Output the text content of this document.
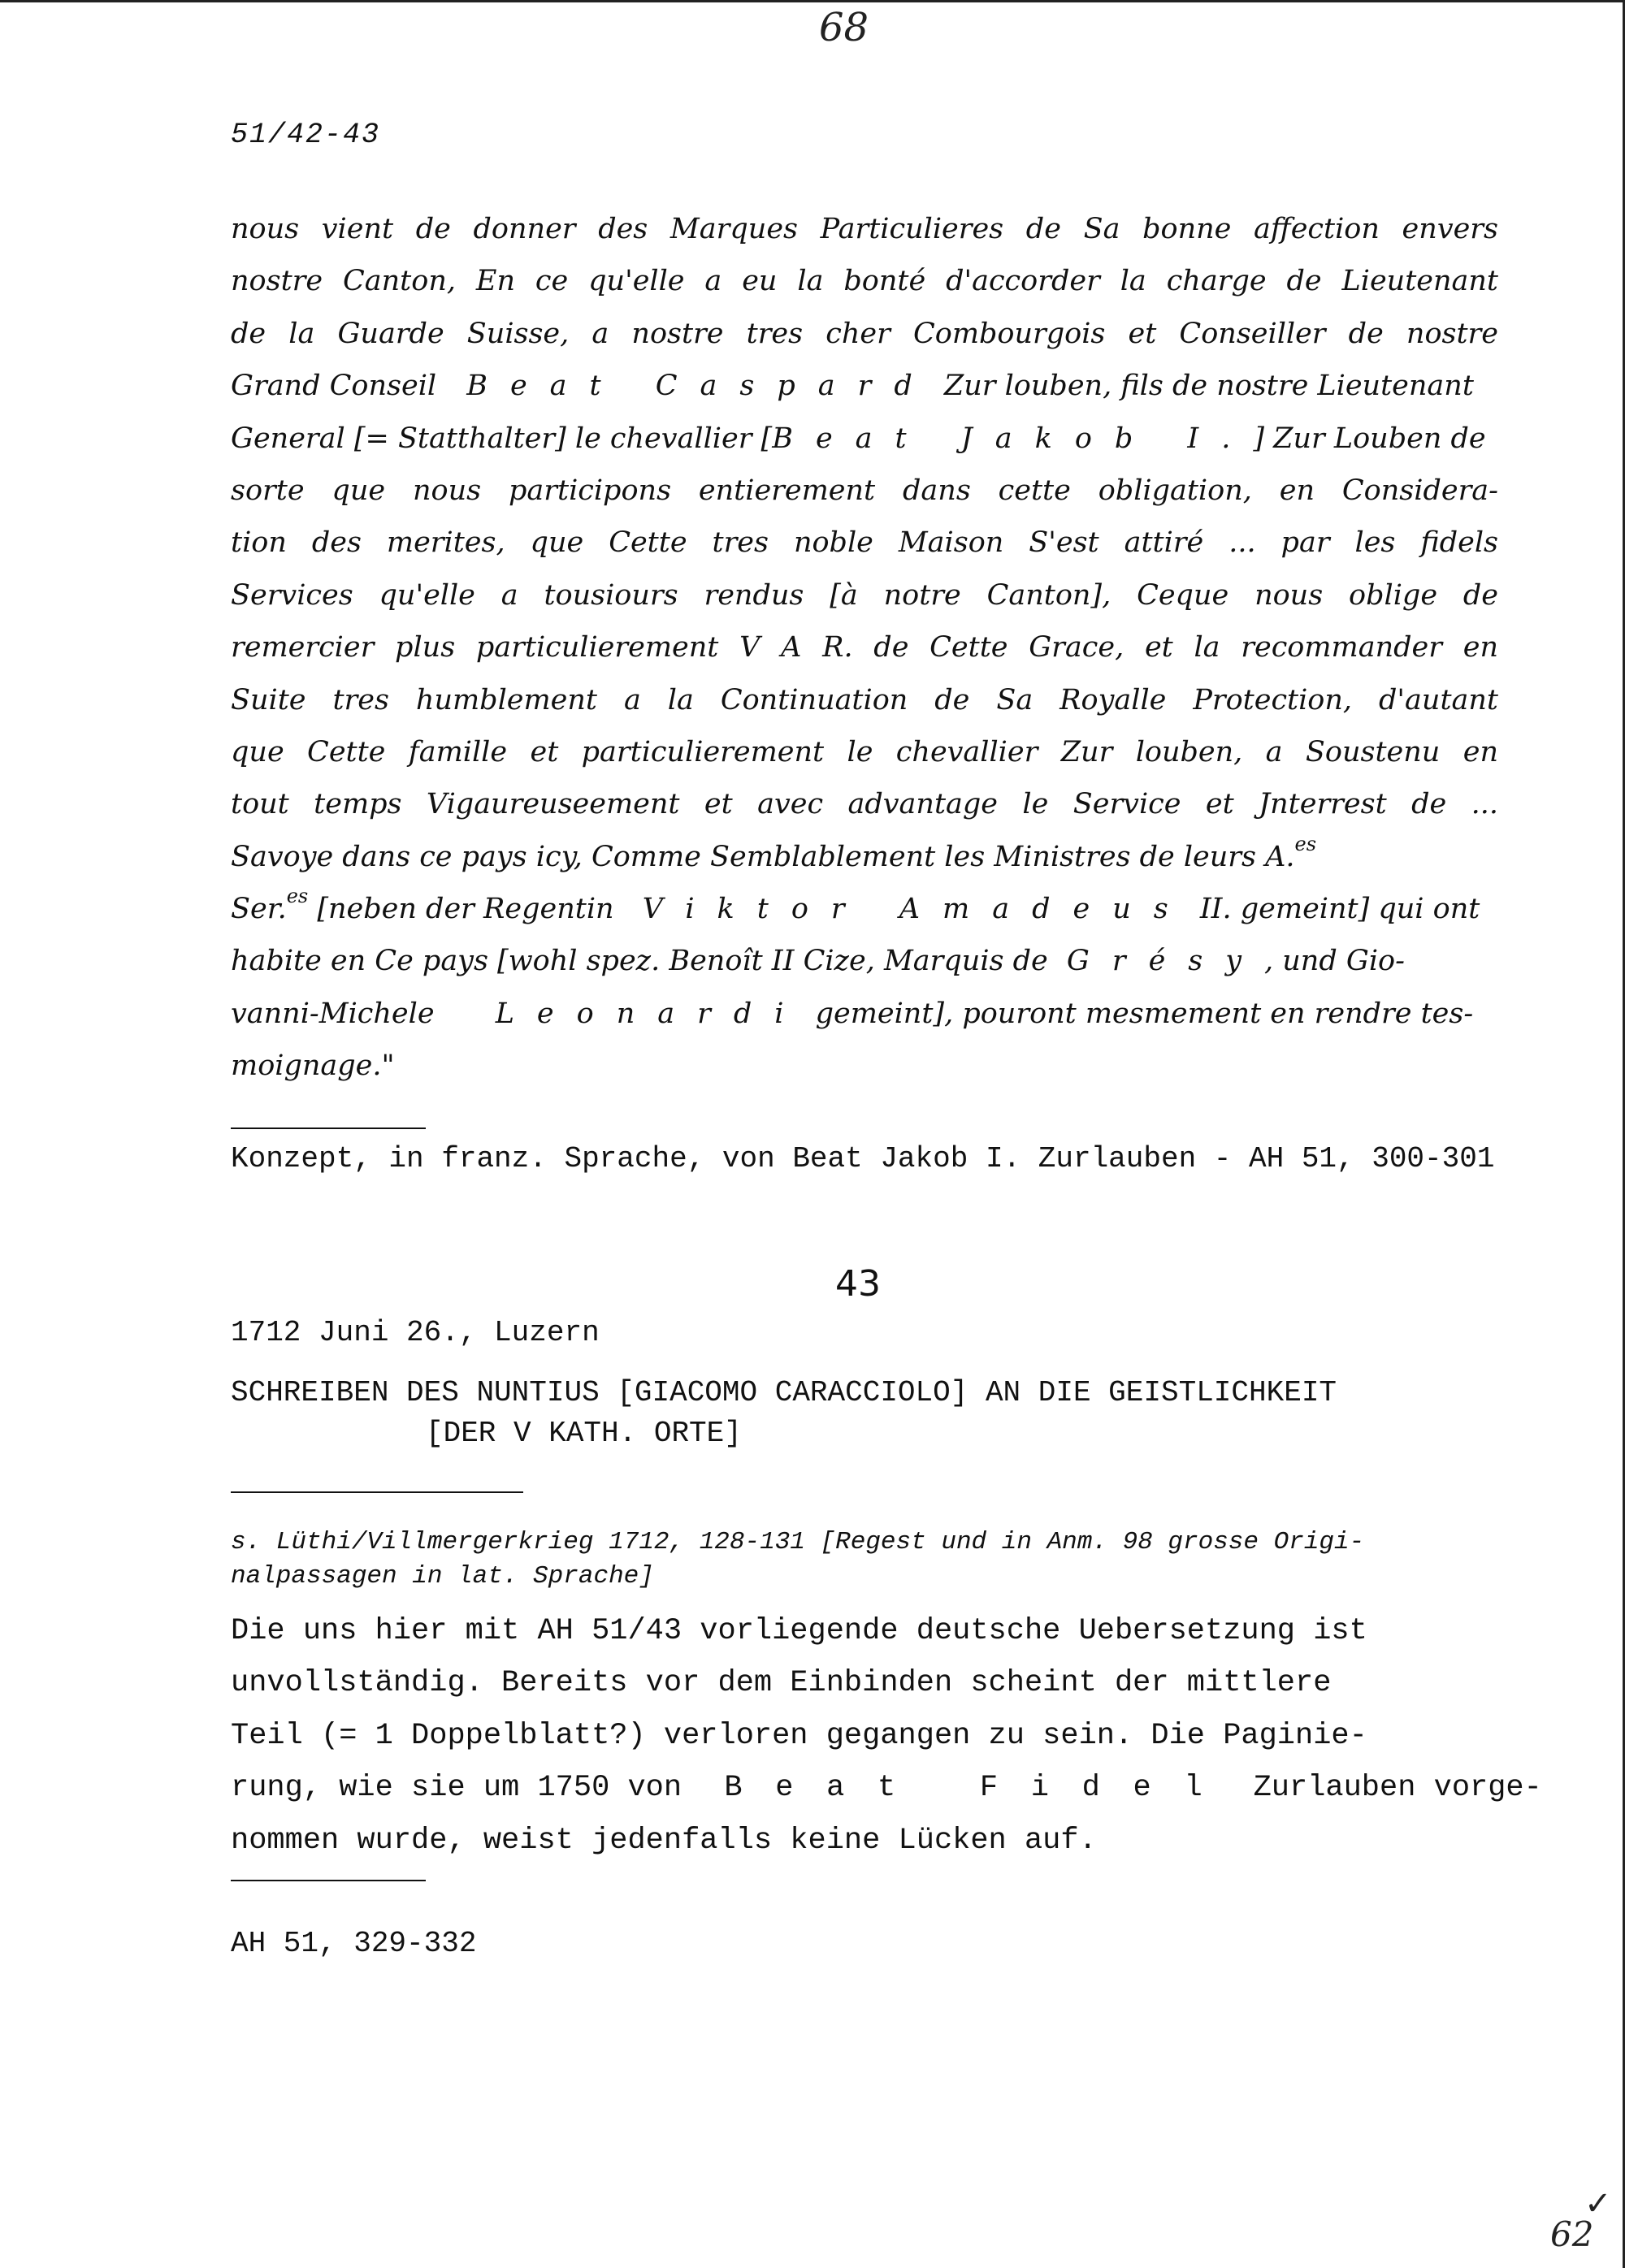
68
51/42-43
nous vient de donner des Marques Particulieres de Sa bonne affection envers
nostre Canton, En ce qu'elle a eu la bonté d'accorder la charge de Lieutenant
de la Guarde Suisse, a nostre tres cher Combourgois et Conseiller de nostre
Grand Conseil Beat Caspard Zur louben, fils de nostre Lieutenant
General [= Statthalter] le chevallier [Beat Jakob I.] Zur Louben de
sorte que nous participons entierement dans cette obligation, en Considera-
tion des merites, que Cette tres noble Maison S'est attiré ... par les fidels
Services qu'elle a tousiours rendus [à notre Canton], Ceque nous oblige de
remercier plus particulierement V A R. de Cette Grace, et la recommander en
Suite tres humblement a la Continuation de Sa Royalle Protection, d'autant
que Cette famille et particulierement le chevallier Zur louben, a Soustenu en
tout temps Vigaureuseement et avec advantage le Service et Jnterrest de ...
Savoye dans ce pays icy, Comme Semblablement les Ministres de leurs A.$^{es}$
Ser.$^{es}$ [neben der Regentin Viktor Amadeus II. gemeint] qui ont
habite en Ce pays [wohl spez. Benoît II Cize, Marquis de Grésy, und Gio-
vanni-Michele Leonardi gemeint], pouront mesmement en rendre tes-
moignage."
Konzept, in franz. Sprache, von Beat Jakob I. Zurlauben - AH 51, 300-301
43
1712 Juni 26., Luzern
SCHREIBEN DES NUNTIUS [GIACOMO CARACCIOLO] AN DIE GEISTLICHKEIT
[DER V KATH. ORTE]
s. Lüthi/Villmergerkrieg 1712, 128-131 [Regest und in Anm. 98 grosse Origi-
nalpassagen in lat. Sprache]
Die uns hier mit AH 51/43 vorliegende deutsche Uebersetzung ist
unvollständig. Bereits vor dem Einbinden scheint der mittlere
Teil (= 1 Doppelblatt?) verloren gegangen zu sein. Die Paginie-
rung, wie sie um 1750 von Beat Fidel Zurlauben vorge-
nommen wurde, weist jedenfalls keine Lücken auf.
AH 51, 329-332
✓
62
